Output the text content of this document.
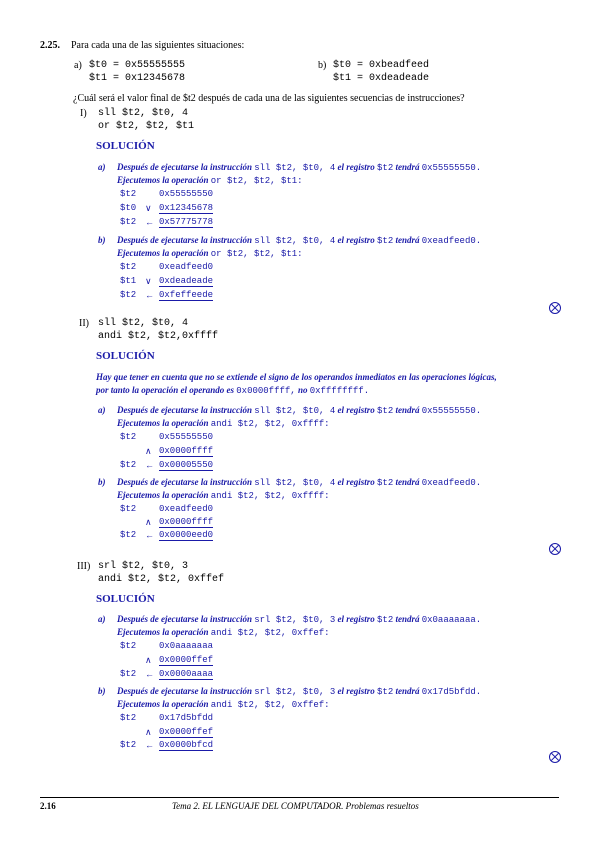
2.25. Para cada una de las siguientes situaciones:
a) $t0 = 0x55555555
$t1 = 0x12345678
b) $t0 = 0xbeadfeed
$t1 = 0xdeadeade
¿Cuál será el valor final de $t2 después de cada una de las siguientes secuencias de instrucciones?
I) sll $t2, $t0, 4
or $t2, $t2, $t1
SOLUCIÓN
a) Después de ejecutarse la instrucción sll $t2, $t0, 4 el registro $t2 tendrá 0x55555550.
Ejecutemos la operación or $t2, $t2, $t1:
$t2	0x55555550
$t0 ∨ 0x12345678
$t2 ← 0x57775778
b) Después de ejecutarse la instrucción sll $t2, $t0, 4 el registro $t2 tendrá 0xeadfeed0.
Ejecutemos la operación or $t2, $t2, $t1:
$t2	0xeadfeed0
$t1 ∨ 0xdeadeade
$t2 ← 0xfeffeede
II) sll $t2, $t0, 4
andi $t2, $t2,0xffff
SOLUCIÓN
Hay que tener en cuenta que no se extiende el signo de los operandos inmediatos en las operaciones lógicas,
por tanto la operación el operando es 0x0000ffff, no 0xffffffff.
a) Después de ejecutarse la instrucción sll $t2, $t0, 4 el registro $t2 tendrá 0x55555550.
Ejecutemos la operación andi $t2, $t2, 0xffff:
$t2	0x55555550
∧ 0x0000ffff
$t2 ← 0x00005550
b) Después de ejecutarse la instrucción sll $t2, $t0, 4 el registro $t2 tendrá 0xeadfeed0.
Ejecutemos la operación andi $t2, $t2, 0xffff:
$t2	0xeadfeed0
∧ 0x0000ffff
$t2 ← 0x0000eed0
III) srl $t2, $t0, 3
andi $t2, $t2, 0xffef
SOLUCIÓN
a) Después de ejecutarse la instrucción srl $t2, $t0, 3 el registro $t2 tendrá 0x0aaaaaaa.
Ejecutemos la operación andi $t2, $t2, 0xffef:
$t2	0x0aaaaaaa
∧ 0x0000ffef
$t2 ← 0x0000aaaa
b) Después de ejecutarse la instrucción srl $t2, $t0, 3 el registro $t2 tendrá 0x17d5bfdd.
Ejecutemos la operación andi $t2, $t2, 0xffef:
$t2	0x17d5bfdd
∧ 0x0000ffef
$t2 ← 0x0000bfcd
2.16	Tema 2. EL LENGUAJE DEL COMPUTADOR. Problemas resueltos
